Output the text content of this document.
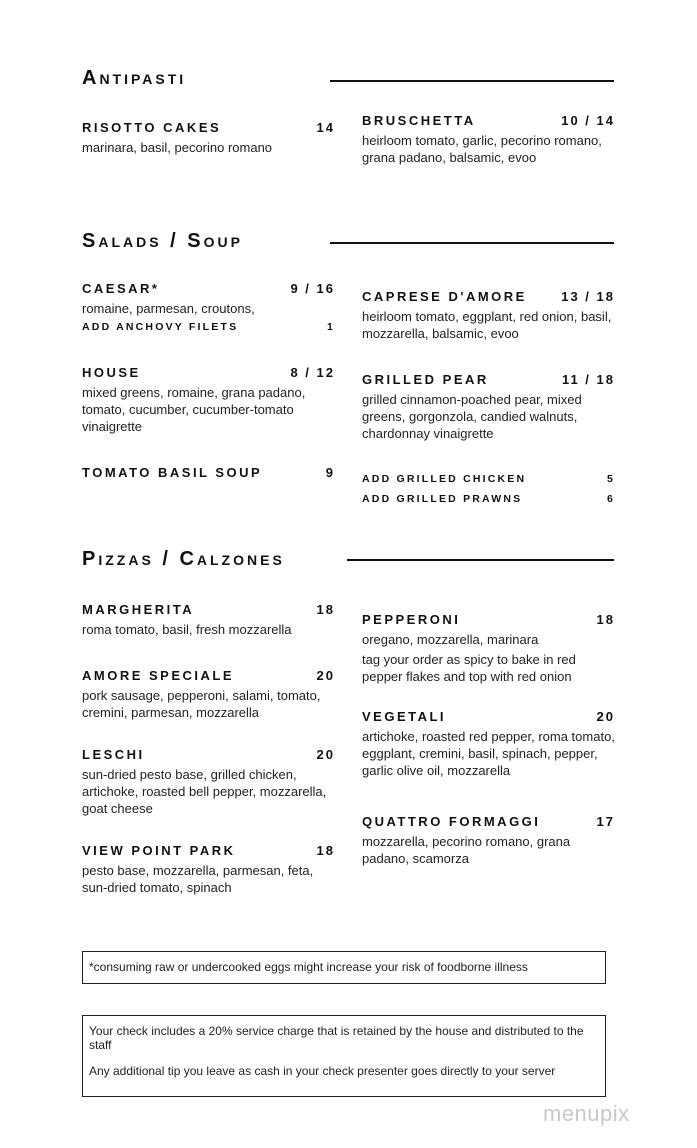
Antipasti
RISOTTO CAKES	14
marinara, basil, pecorino romano
BRUSCHETTA	10 / 14
heirloom tomato, garlic, pecorino romano, grana padano, balsamic, evoo
Salads / Soup
CAESAR*	9 / 16
romaine, parmesan, croutons,
ADD ANCHOVY FILETS	1
HOUSE	8 / 12
mixed greens, romaine, grana padano, tomato, cucumber, cucumber-tomato vinaigrette
TOMATO BASIL SOUP	9
CAPRESE D'AMORE	13 / 18
heirloom tomato, eggplant, red onion, basil, mozzarella, balsamic, evoo
GRILLED PEAR	11 / 18
grilled cinnamon-poached pear, mixed greens, gorgonzola, candied walnuts, chardonnay vinaigrette
ADD GRILLED CHICKEN	5
ADD GRILLED PRAWNS	6
Pizzas / Calzones
MARGHERITA	18
roma tomato, basil, fresh mozzarella
AMORE SPECIALE	20
pork sausage, pepperoni, salami, tomato, cremini, parmesan, mozzarella
LESCHI	20
sun-dried pesto base, grilled chicken, artichoke, roasted bell pepper, mozzarella, goat cheese
VIEW POINT PARK	18
pesto base, mozzarella, parmesan, feta, sun-dried tomato, spinach
PEPPERONI	18
oregano, mozzarella, marinara
tag your order as spicy to bake in red pepper flakes and top with red onion
VEGETALI	20
artichoke, roasted red pepper, roma tomato, eggplant, cremini, basil, spinach, pepper, garlic olive oil, mozzarella
QUATTRO FORMAGGI	17
mozzarella, pecorino romano, grana padano, scamorza

*consuming raw or undercooked eggs might increase your risk of foodborne illness

Your check includes a 20% service charge that is retained by the house and distributed to the staff

Any additional tip you leave as cash in your check presenter goes directly to your server

menupix
